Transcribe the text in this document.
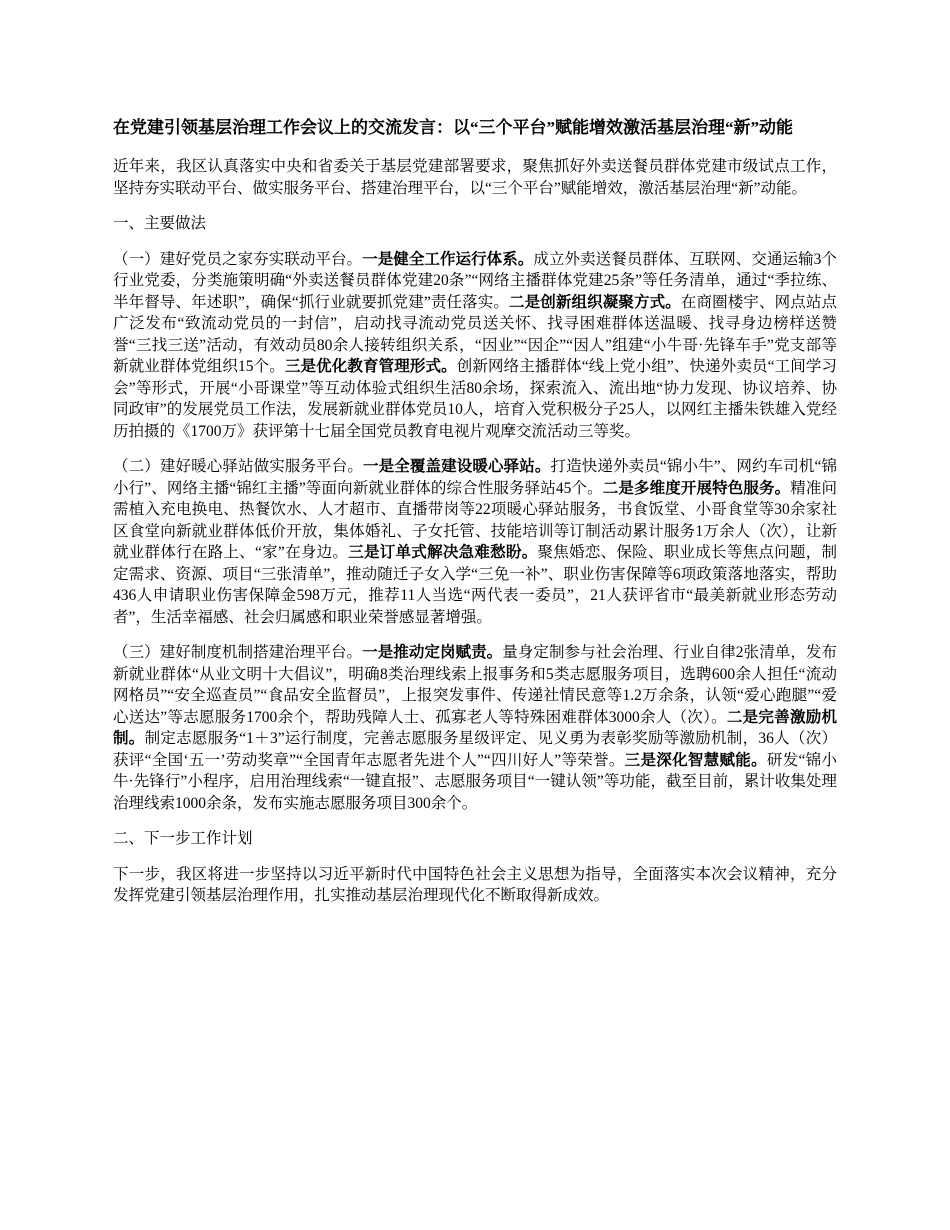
在党建引领基层治理工作会议上的交流发言：以“三个平台”赋能增效激活基层治理“新”动能

近年来，我区认真落实中央和省委关于基层党建部署要求，聚焦抓好外卖送餐员群体党建市级试点工作，坚持夯实联动平台、做实服务平台、搭建治理平台，以“三个平台”赋能增效，激活基层治理“新”动能。

一、主要做法

（一）建好党员之家夯实联动平台。一是健全工作运行体系。成立外卖送餐员群体、互联网、交通运输3个行业党委，分类施策明确“外卖送餐员群体党建20条”“网络主播群体党建25条”等任务清单，通过“季拉练、半年督导、年述职”，确保“抓行业就要抓党建”责任落实。二是创新组织凝聚方式。在商圈楼宇、网点站点广泛发布“致流动党员的一封信”，启动找寻流动党员送关怀、找寻困难群体送温暖、找寻身边榜样送赞誉“三找三送”活动，有效动员80余人接转组织关系，“因业”“因企”“因人”组建“小牛哥·先锋车手”党支部等新就业群体党组织15个。三是优化教育管理形式。创新网络主播群体“线上党小组”、快递外卖员“工间学习会”等形式，开展“小哥课堂”等互动体验式组织生活80余场，探索流入、流出地“协力发现、协议培养、协同政审”的发展党员工作法，发展新就业群体党员10人，培育入党积极分子25人，以网红主播朱铁雄入党经历拍摄的《1700万》获评第十七届全国党员教育电视片观摩交流活动三等奖。

（二）建好暖心驿站做实服务平台。一是全覆盖建设暖心驿站。打造快递外卖员“锦小牛”、网约车司机“锦小行”、网络主播“锦红主播”等面向新就业群体的综合性服务驿站45个。二是多维度开展特色服务。精准问需植入充电换电、热餐饮水、人才超市、直播带岗等22项暖心驿站服务，书食饭堂、小哥食堂等30余家社区食堂向新就业群体低价开放，集体婚礼、子女托管、技能培训等订制活动累计服务1万余人（次），让新就业群体行在路上、“家”在身边。三是订单式解决急难愁盼。聚焦婚恋、保险、职业成长等焦点问题，制定需求、资源、项目“三张清单”，推动随迁子女入学“三免一补”、职业伤害保障等6项政策落地落实，帮助436人申请职业伤害保障金598万元，推荐11人当选“两代表一委员”，21人获评省市“最美新就业形态劳动者”，生活幸福感、社会归属感和职业荣誉感显著增强。

（三）建好制度机制搭建治理平台。一是推动定岗赋责。量身定制参与社会治理、行业自律2张清单，发布新就业群体“从业文明十大倡议”，明确8类治理线索上报事务和5类志愿服务项目，选聘600余人担任“流动网格员”“安全巡查员”“食品安全监督员”，上报突发事件、传递社情民意等1.2万余条，认领“爱心跑腿”“爱心送达”等志愿服务1700余个，帮助残障人士、孤寡老人等特殊困难群体3000余人（次）。二是完善激励机制。制定志愿服务“1＋3”运行制度，完善志愿服务星级评定、见义勇为表彰奖励等激励机制，36人（次）获评“全国‘五一’劳动奖章”“全国青年志愿者先进个人”“四川好人”等荣誉。三是深化智慧赋能。研发“锦小牛·先锋行”小程序，启用治理线索“一键直报”、志愿服务项目“一键认领”等功能，截至目前，累计收集处理治理线索1000余条，发布实施志愿服务项目300余个。

二、下一步工作计划

下一步，我区将进一步坚持以习近平新时代中国特色社会主义思想为指导，全面落实本次会议精神，充分发挥党建引领基层治理作用，扎实推动基层治理现代化不断取得新成效。
